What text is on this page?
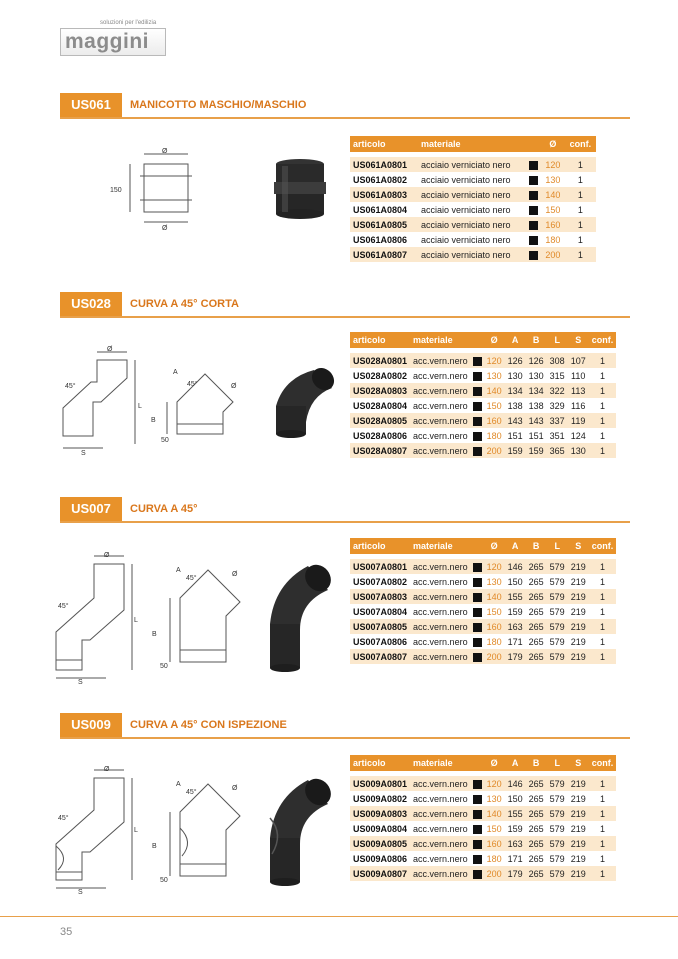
soluzioni per l'edilizia
maggini
US061	MANICOTTO MASCHIO/MASCHIO
Ø
Ø
150
articolo	materiale		Ø	conf.

US061A0801	acciaio verniciato nero		120	1
US061A0802	acciaio verniciato nero		130	1
US061A0803	acciaio verniciato nero		140	1
US061A0804	acciaio verniciato nero		150	1
US061A0805	acciaio verniciato nero		160	1
US061A0806	acciaio verniciato nero		180	1
US061A0807	acciaio verniciato nero		200	1
US028	CURVA A 45° CORTA
Ø
45°
L
S
A
45°	Ø
B
50
articolo	materiale		Ø	A	B	L	S	conf.

US028A0801	acc.vern.nero		120	126	126	308	107	1
US028A0802	acc.vern.nero		130	130	130	315	110	1
US028A0803	acc.vern.nero		140	134	134	322	113	1
US028A0804	acc.vern.nero		150	138	138	329	116	1
US028A0805	acc.vern.nero		160	143	143	337	119	1
US028A0806	acc.vern.nero		180	151	151	351	124	1
US028A0807	acc.vern.nero		200	159	159	365	130	1
US007	CURVA A 45°
Ø
45°
L
S
A
45°
Ø
B
50
articolo	materiale		Ø	A	B	L	S	conf.

US007A0801	acc.vern.nero		120	146	265	579	219	1
US007A0802	acc.vern.nero		130	150	265	579	219	1
US007A0803	acc.vern.nero		140	155	265	579	219	1
US007A0804	acc.vern.nero		150	159	265	579	219	1
US007A0805	acc.vern.nero		160	163	265	579	219	1
US007A0806	acc.vern.nero		180	171	265	579	219	1
US007A0807	acc.vern.nero		200	179	265	579	219	1
US009	CURVA A 45° CON ISPEZIONE
Ø
45°
L
S
A
45°
Ø
B
50
articolo	materiale		Ø	A	B	L	S	conf.

US009A0801	acc.vern.nero		120	146	265	579	219	1
US009A0802	acc.vern.nero		130	150	265	579	219	1
US009A0803	acc.vern.nero		140	155	265	579	219	1
US009A0804	acc.vern.nero		150	159	265	579	219	1
US009A0805	acc.vern.nero		160	163	265	579	219	1
US009A0806	acc.vern.nero		180	171	265	579	219	1
US009A0807	acc.vern.nero		200	179	265	579	219	1
35
